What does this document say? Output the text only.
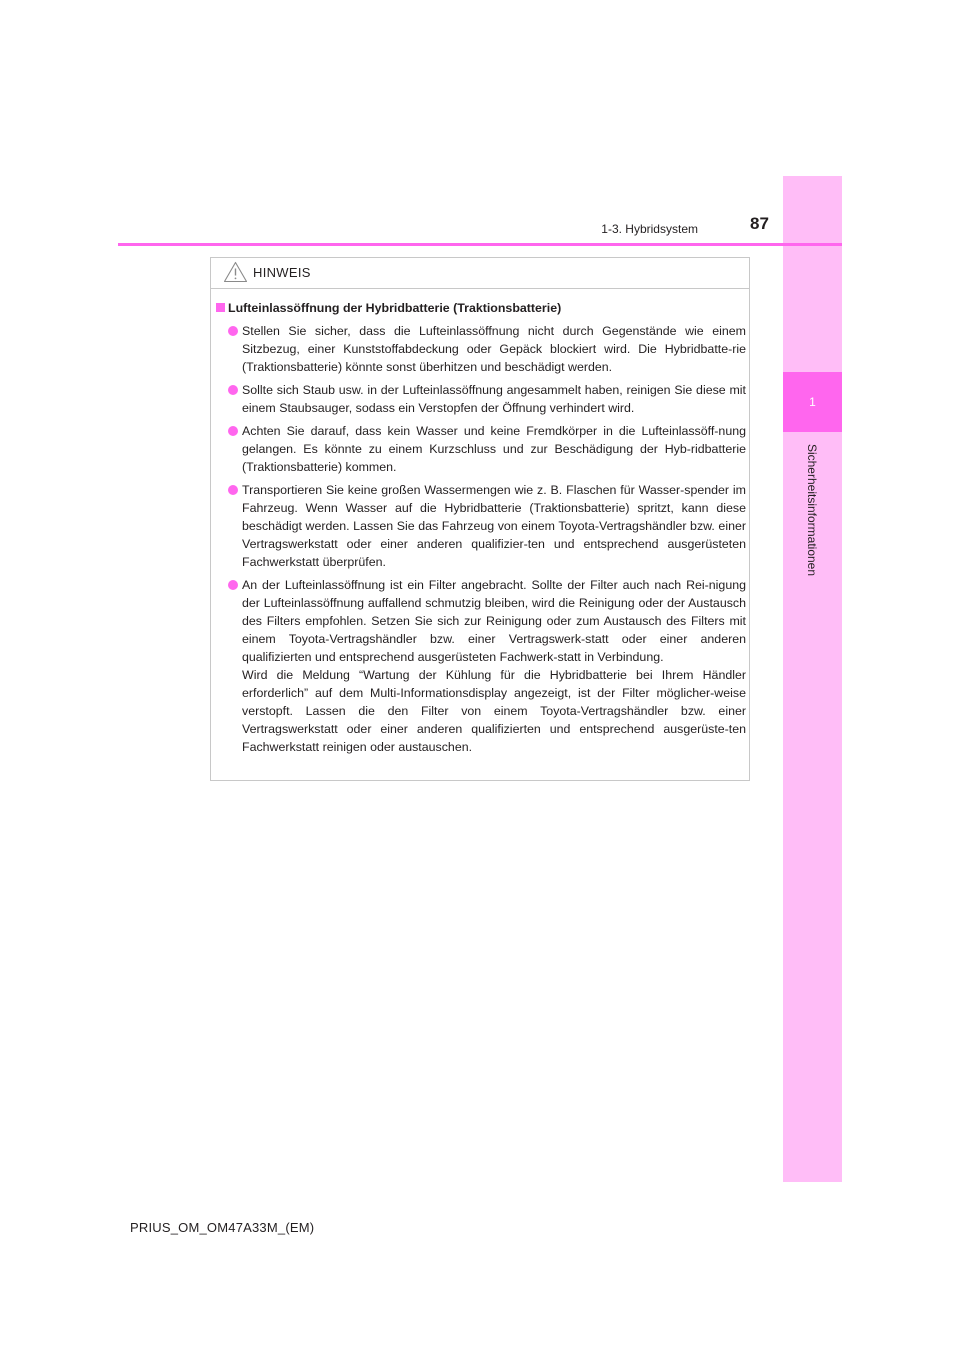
1
Sicherheitsinformationen
1-3. Hybridsystem	87
HINWEIS
Lufteinlassöffnung der Hybridbatterie (Traktionsbatterie)
Stellen Sie sicher, dass die Lufteinlassöffnung nicht durch Gegenstände wie einem Sitzbezug, einer Kunststoffabdeckung oder Gepäck blockiert wird. Die Hybridbatte-rie (Traktionsbatterie) könnte sonst überhitzen und beschädigt werden.
Sollte sich Staub usw. in der Lufteinlassöffnung angesammelt haben, reinigen Sie diese mit einem Staubsauger, sodass ein Verstopfen der Öffnung verhindert wird.
Achten Sie darauf, dass kein Wasser und keine Fremdkörper in die Lufteinlassöff-nung gelangen. Es könnte zu einem Kurzschluss und zur Beschädigung der Hyb-ridbatterie (Traktionsbatterie) kommen.
Transportieren Sie keine großen Wassermengen wie z. B. Flaschen für Wasser-spender im Fahrzeug. Wenn Wasser auf die Hybridbatterie (Traktionsbatterie) spritzt, kann diese beschädigt werden. Lassen Sie das Fahrzeug von einem Toyota-Vertragshändler bzw. einer Vertragswerkstatt oder einer anderen qualifizier-ten und entsprechend ausgerüsteten Fachwerkstatt überprüfen.
An der Lufteinlassöffnung ist ein Filter angebracht. Sollte der Filter auch nach Rei-nigung der Lufteinlassöffnung auffallend schmutzig bleiben, wird die Reinigung oder der Austausch des Filters empfohlen. Setzen Sie sich zur Reinigung oder zum Austausch des Filters mit einem Toyota-Vertragshändler bzw. einer Vertragswerk-statt oder einer anderen qualifizierten und entsprechend ausgerüsteten Fachwerk-statt in Verbindung.
Wird die Meldung “Wartung der Kühlung für die Hybridbatterie bei Ihrem Händler erforderlich” auf dem Multi-Informationsdisplay angezeigt, ist der Filter möglicher-weise verstopft. Lassen die den Filter von einem Toyota-Vertragshändler bzw. einer Vertragswerkstatt oder einer anderen qualifizierten und entsprechend ausgerüste-ten Fachwerkstatt reinigen oder austauschen.
PRIUS_OM_OM47A33M_(EM)
